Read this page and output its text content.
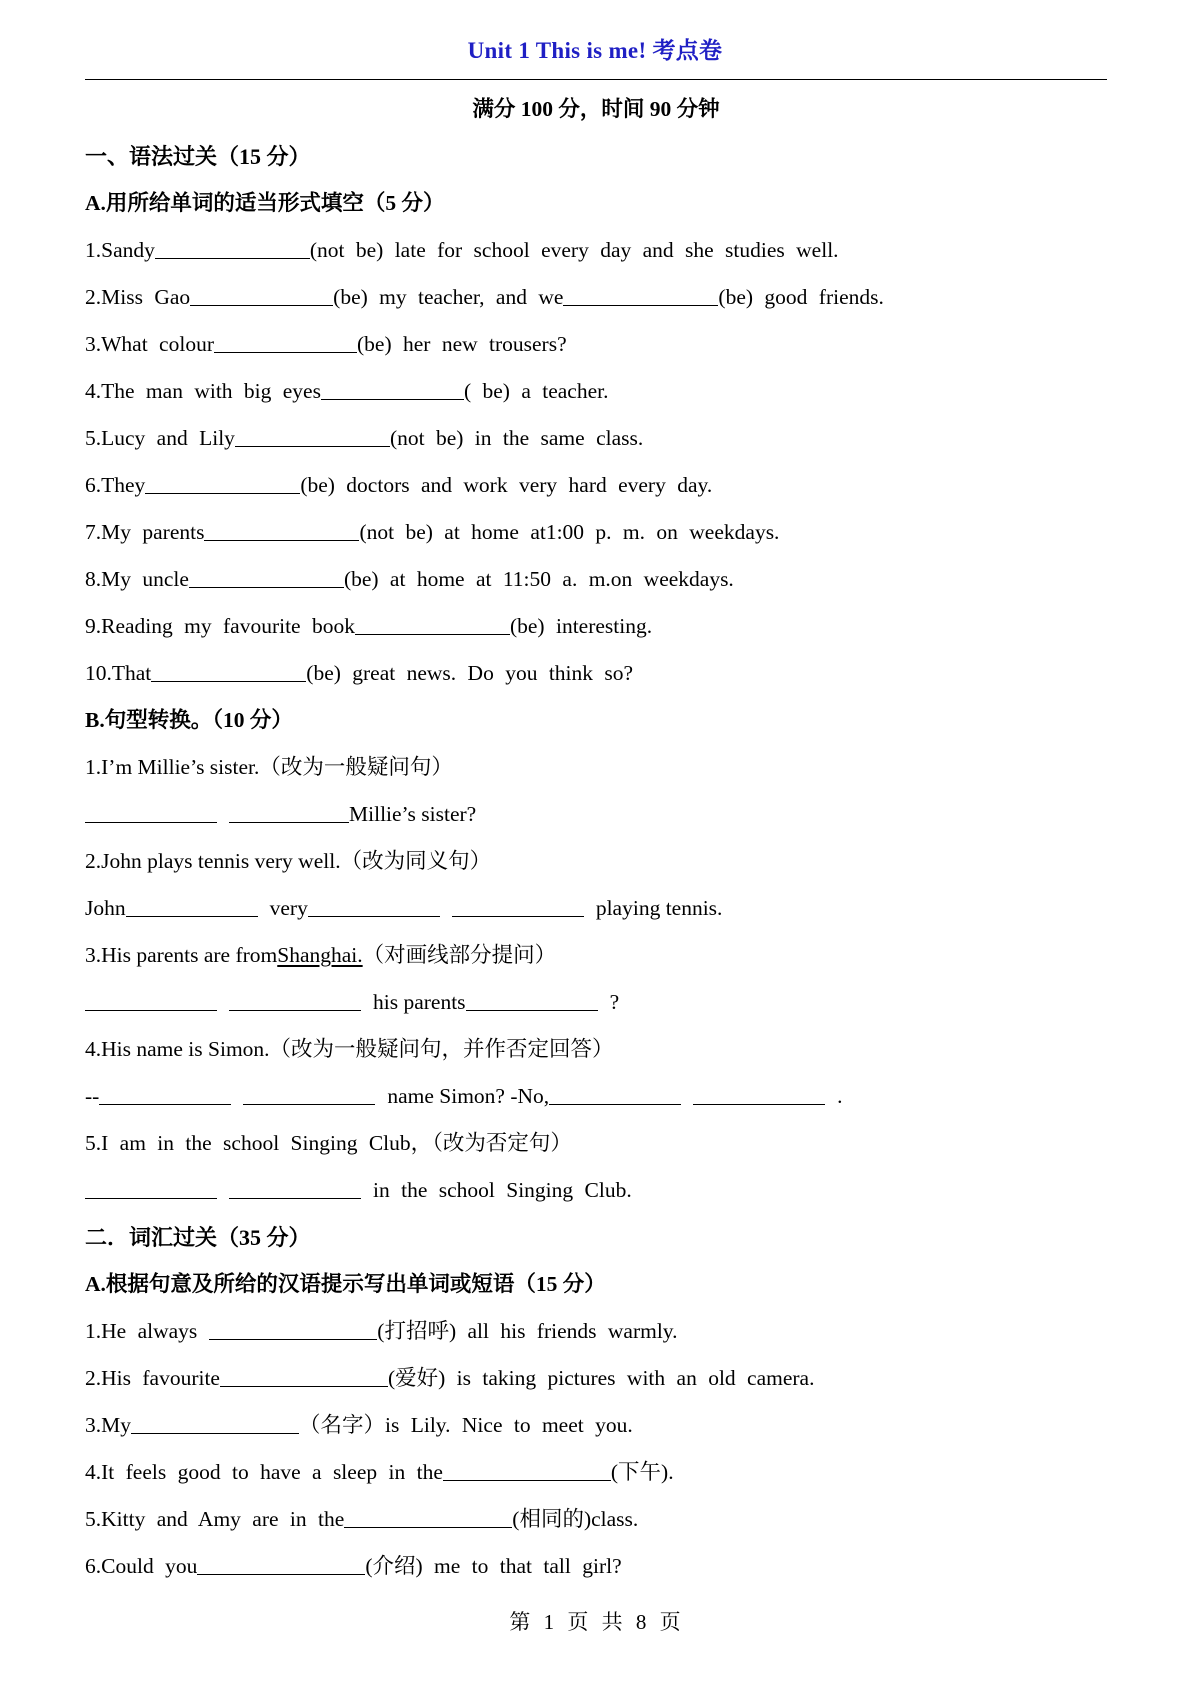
Unit 1 This is me! 考点卷
满分 100 分，时间 90 分钟
一、语法过关（15 分）
A.用所给单词的适当形式填空（5 分）
1.Sandy	(not be) late for school every day and she studies well.
2.Miss Gao	(be) my teacher, and we	(be) good friends.
3.What colour	(be) her new trousers?
4.The man with big eyes	( be) a teacher.
5.Lucy and Lily	(not be) in the same class.
6.They	(be) doctors and work very hard every day.
7.My parents	(not be) at home at1:00 p. m. on weekdays.
8.My uncle	(be) at home at 11:50 a. m.on weekdays.
9.Reading my favourite book	(be) interesting.
10.That	(be) great news. Do you think so?
B.句型转换。（10 分）
1.I’m Millie’s sister.（改为一般疑问句）
Millie’s sister?
2.John plays tennis very well.（改为同义句）
John	very	playing tennis.
3.His parents are fromShanghai.（对画线部分提问）
his parents	?
4.His name is Simon.（改为一般疑问句，并作否定回答）
--	name Simon? -No,	.
5.I am in the school Singing Club，（改为否定句）
in the school Singing Club.
二．词汇过关（35 分）
A.根据句意及所给的汉语提示写出单词或短语（15 分）
1.He always	(打招呼) all his friends warmly.
2.His favourite	(爱好) is taking pictures with an old camera.
3.My	（名字）is Lily. Nice to meet you.
4.It feels good to have a sleep in the	(下午).
5.Kitty and Amy are in the	(相同的)class.
6.Could you	(介绍) me to that tall girl?
第 1 页 共 8 页
